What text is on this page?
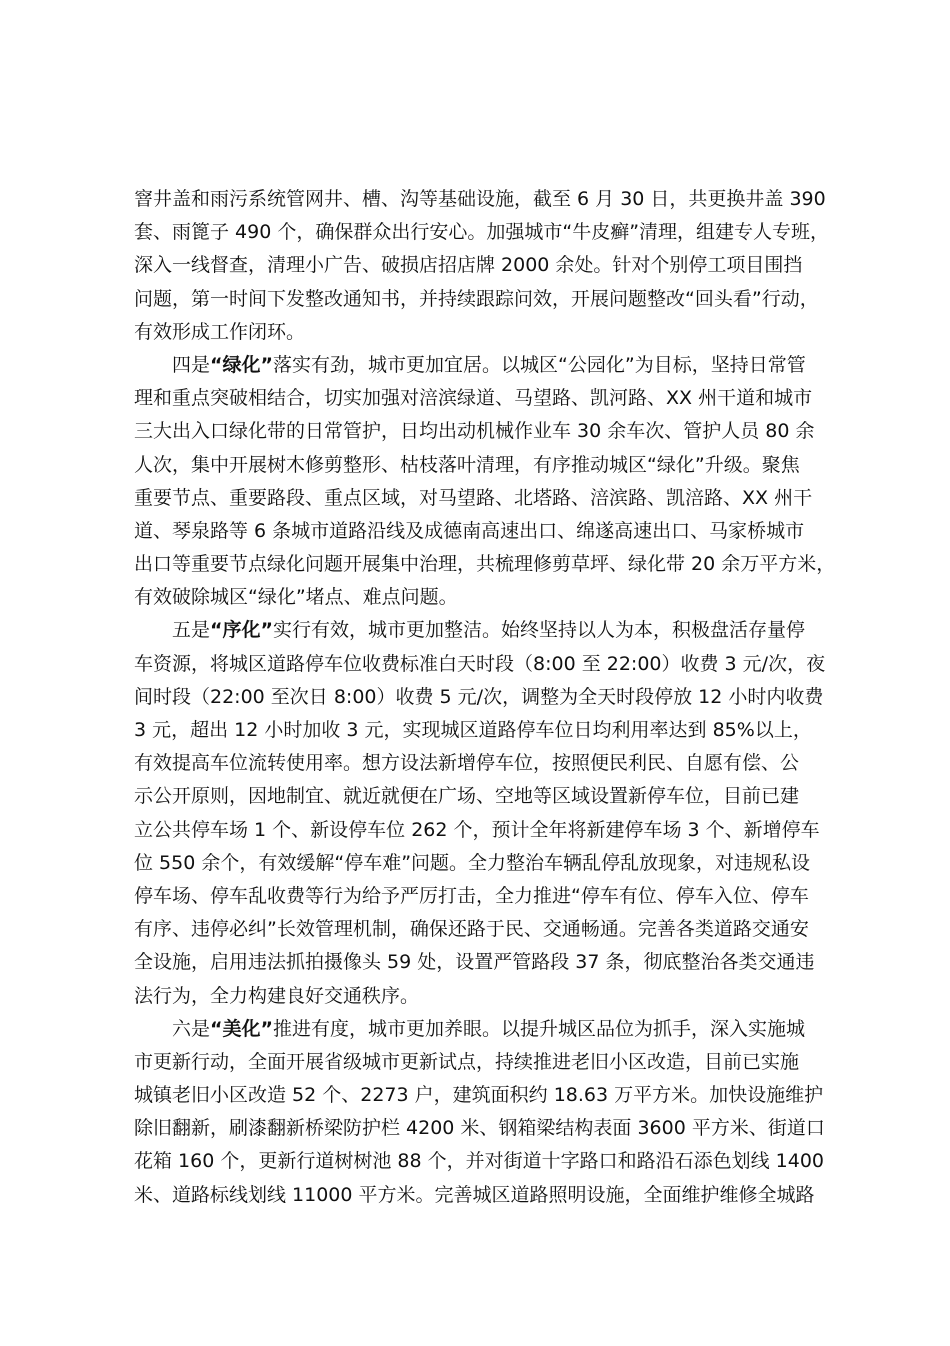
窨井盖和雨污系统管网井、槽、沟等基础设施，截至 6 月 30 日，共更换井盖 390
套、雨篦子 490 个，确保群众出行安心。加强城市“牛皮癣”清理，组建专人专班，
深入一线督查，清理小广告、破损店招店牌 2000 余处。针对个别停工项目围挡
问题，第一时间下发整改通知书，并持续跟踪问效，开展问题整改“回头看”行动，
有效形成工作闭环。
四是“绿化”落实有劲，城市更加宜居。以城区“公园化”为目标，坚持日常管
理和重点突破相结合，切实加强对涪滨绿道、马望路、凯河路、XX 州干道和城市
三大出入口绿化带的日常管护，日均出动机械作业车 30 余车次、管护人员 80 余
人次，集中开展树木修剪整形、枯枝落叶清理，有序推动城区“绿化”升级。聚焦
重要节点、重要路段、重点区域，对马望路、北塔路、涪滨路、凯涪路、XX 州干
道、琴泉路等 6 条城市道路沿线及成德南高速出口、绵遂高速出口、马家桥城市
出口等重要节点绿化问题开展集中治理，共梳理修剪草坪、绿化带 20 余万平方米，
有效破除城区“绿化”堵点、难点问题。
五是“序化”实行有效，城市更加整洁。始终坚持以人为本，积极盘活存量停
车资源，将城区道路停车位收费标准白天时段（8:00 至 22:00）收费 3 元/次，夜
间时段（22:00 至次日 8:00）收费 5 元/次，调整为全天时段停放 12 小时内收费
3 元，超出 12 小时加收 3 元，实现城区道路停车位日均利用率达到 85%以上，
有效提高车位流转使用率。想方设法新增停车位，按照便民利民、自愿有偿、公
示公开原则，因地制宜、就近就便在广场、空地等区域设置新停车位，目前已建
立公共停车场 1 个、新设停车位 262 个，预计全年将新建停车场 3 个、新增停车
位 550 余个，有效缓解“停车难”问题。全力整治车辆乱停乱放现象，对违规私设
停车场、停车乱收费等行为给予严厉打击，全力推进“停车有位、停车入位、停车
有序、违停必纠”长效管理机制，确保还路于民、交通畅通。完善各类道路交通安
全设施，启用违法抓拍摄像头 59 处，设置严管路段 37 条，彻底整治各类交通违
法行为，全力构建良好交通秩序。
六是“美化”推进有度，城市更加养眼。以提升城区品位为抓手，深入实施城
市更新行动，全面开展省级城市更新试点，持续推进老旧小区改造，目前已实施
城镇老旧小区改造 52 个、2273 户，建筑面积约 18.63 万平方米。加快设施维护
除旧翻新，刷漆翻新桥梁防护栏 4200 米、钢箱梁结构表面 3600 平方米、街道口
花箱 160 个，更新行道树树池 88 个，并对街道十字路口和路沿石添色划线 1400
米、道路标线划线 11000 平方米。完善城区道路照明设施，全面维护维修全城路
